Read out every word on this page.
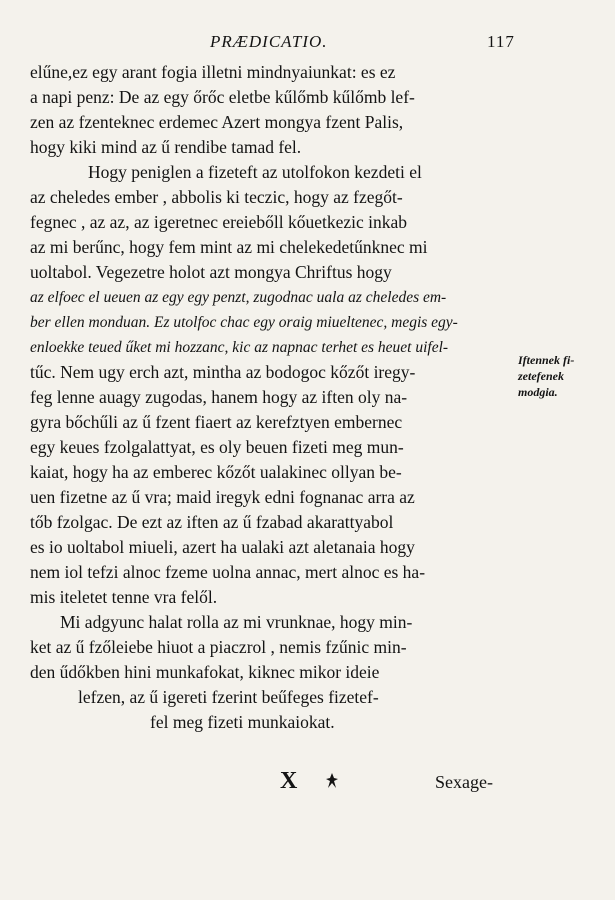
PRÆDICATIO.	117
elűne,ez egy arant fogia illetni mindnyaiunkat: es ez
a napi penz: De az egy őrőc eletbe kűlőmb kűlőmb lef-
zen az fzenteknec erdemec Azert mongya fzent Palis,
hogy kiki mind az ű rendibe tamad fel.
Hogy peniglen a fizeteft az utolfokon kezdeti el
az cheledes ember , abbolis ki teczic, hogy az fzegőt-
fegnec , az az, az igeretnec ereiebőll kőuetkezic inkab
az mi berűnc, hogy fem mint az mi chelekedetűnknec mi
uoltabol. Vegezetre holot azt mongya Chriftus hogy
az elfoec el ueuen az egy egy penzt, zugodnac uala az cheledes em-
ber ellen monduan. Ez utolfoc chac egy oraig miueltenec, megis egy-
enloekke teued űket mi hozzanc, kic az napnac terhet es heuet uifel-
tűc. Nem ugy erch azt, mintha az bodogoc kőzőt iregy-
feg lenne auagy zugodas, hanem hogy az iften oly na-
gyra bőchűli az ű fzent fiaert az kerefztyen embernec
egy keues fzolgalattyat, es oly beuen fizeti meg mun-
kaiat, hogy ha az emberec kőzőt ualakinec ollyan be-
uen fizetne az ű vra; maid iregyk edni fognanac arra az
tőb fzolgac. De ezt az iften az ű fzabad akarattyabol
es io uoltabol miueli, azert ha ualaki azt aletanaia hogy
nem iol tefzi alnoc fzeme uolna annac, mert alnoc es ha-
mis iteletet tenne vra felől.
Mi adgyunc halat rolla az mi vrunknae, hogy min-
ket az ű fzőleiebe hiuot a piaczrol , nemis fzűnic min-
den űdőkben hini munkafokat, kiknec mikor ideie
lefzen, az ű igereti fzerint beűfeges fizetef-
fel meg fizeti munkaiokat.
Iftennek fi-
zetefenek
modgia.
X	Sexage-
